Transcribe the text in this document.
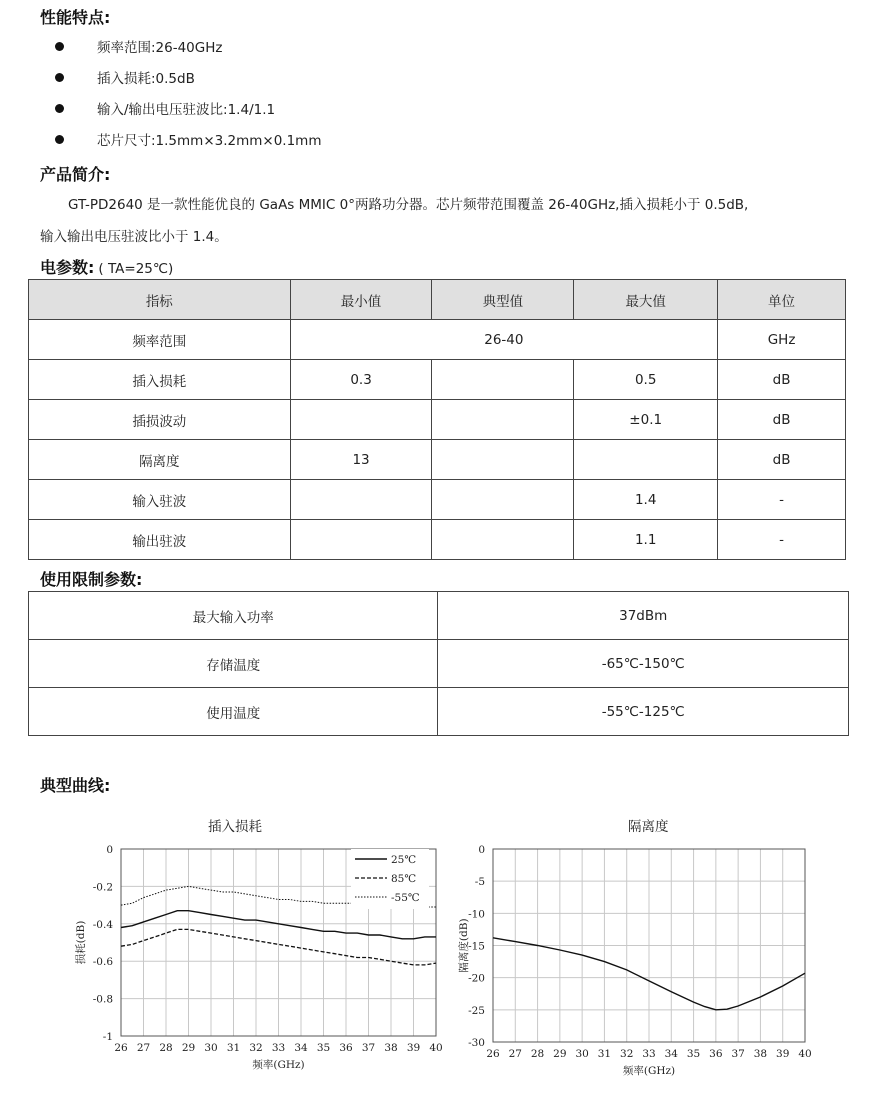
性能特点:
频率范围:26-40GHz
插入损耗:0.5dB
输入/输出电压驻波比:1.4/1.1
芯片尺寸:1.5mm×3.2mm×0.1mm
产品简介:
GT-PD2640 是一款性能优良的 GaAs MMIC 0°两路功分器。芯片频带范围覆盖 26-40GHz,插入损耗小于 0.5dB,
输入输出电压驻波比小于 1.4。
电参数: ( TA=25℃)
指标	最小值	典型值	最大值	单位
频率范围	26-40			GHz
插入损耗	0.3		0.5	dB
插损波动			±0.1	dB
隔离度	13			dB
输入驻波			1.4	-
输出驻波			1.1	-
使用限制参数:
最大输入功率	37dBm
存储温度	-65℃-150℃
使用温度	-55℃-125℃
典型曲线:
插入损耗	隔离度
0
-0.2
-0.4
-0.6
-0.8
-1
26 27 28 29 30 31 32 33 34 35 36 37 38 39 40
频率(GHz)
损耗(dB)
25℃
85℃
-55℃
0
-5
-10
-15
-20
-25
-30
26 27 28 29 30 31 32 33 34 35 36 37 38 39 40
频率(GHz)
隔离度(dB)
